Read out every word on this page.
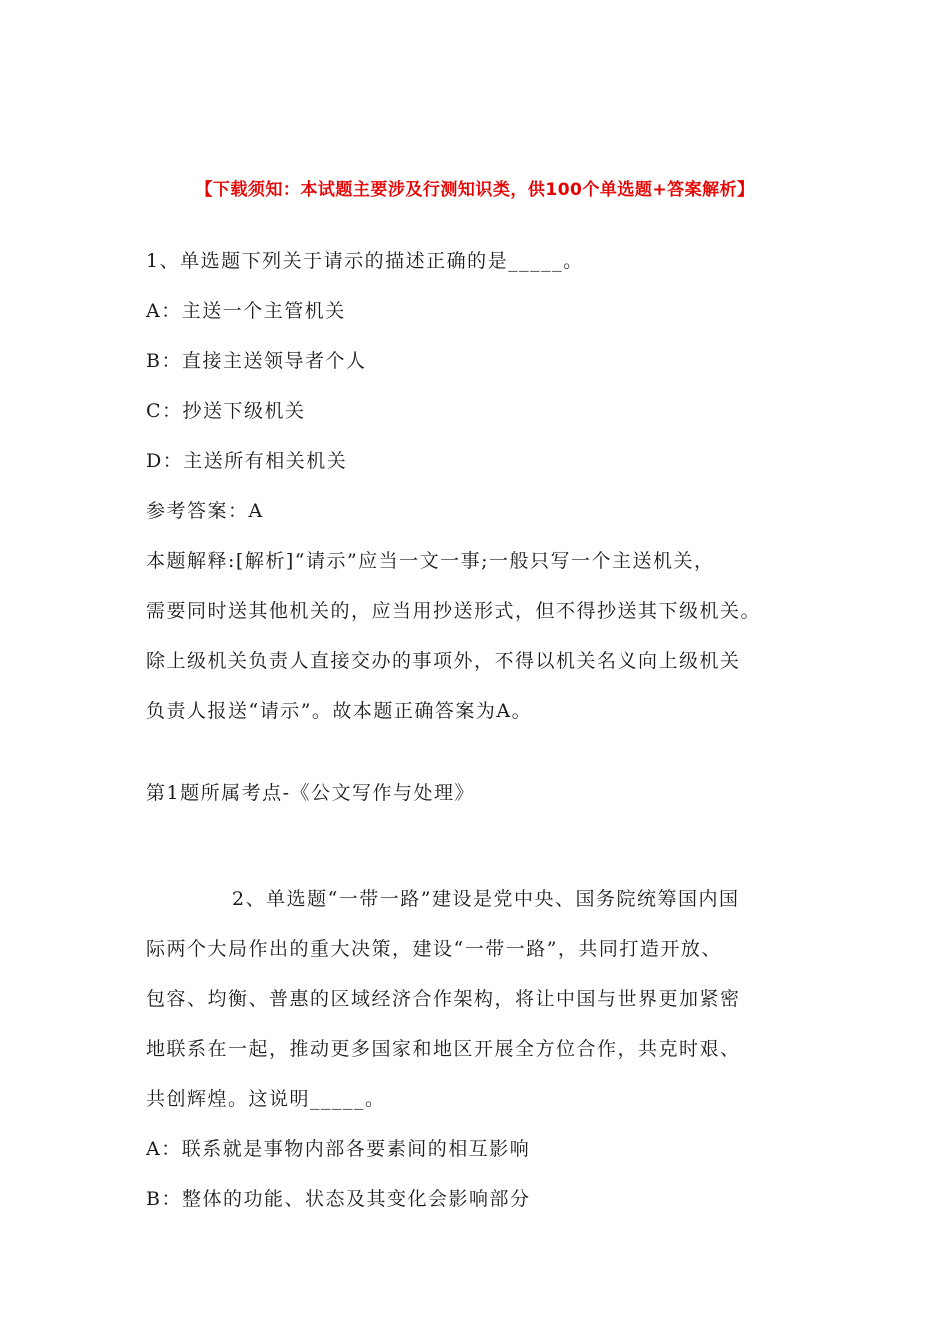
【下载须知：本试题主要涉及行测知识类，供100个单选题+答案解析】
1、单选题下列关于请示的描述正确的是_____。
A：主送一个主管机关
B：直接主送领导者个人
C：抄送下级机关
D：主送所有相关机关
参考答案：A
本题解释:[解析]“请示”应当一文一事;一般只写一个主送机关，
需要同时送其他机关的，应当用抄送形式，但不得抄送其下级机关。
除上级机关负责人直接交办的事项外，不得以机关名义向上级机关
负责人报送“请示”。故本题正确答案为A。
第1题所属考点-《公文写作与处理》
2、单选题“一带一路”建设是党中央、国务院统筹国内国
际两个大局作出的重大决策，建设“一带一路”，共同打造开放、
包容、均衡、普惠的区域经济合作架构，将让中国与世界更加紧密
地联系在一起，推动更多国家和地区开展全方位合作，共克时艰、
共创辉煌。这说明_____。
A：联系就是事物内部各要素间的相互影响
B：整体的功能、状态及其变化会影响部分
